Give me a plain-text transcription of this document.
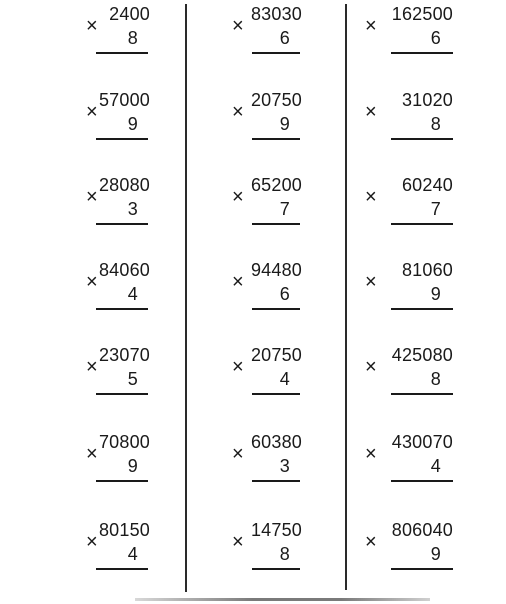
×
2400
8
×
57000
9
×
28080
3
×
84060
4
×
23070
5
×
70800
9
×
80150
4
×
83030
6
×
20750
9
×
65200
7
×
94480
6
×
20750
4
×
60380
3
×
14750
8
×
162500
6
×
31020
8
×
60240
7
×
81060
9
×
425080
8
×
430070
4
×
806040
9
